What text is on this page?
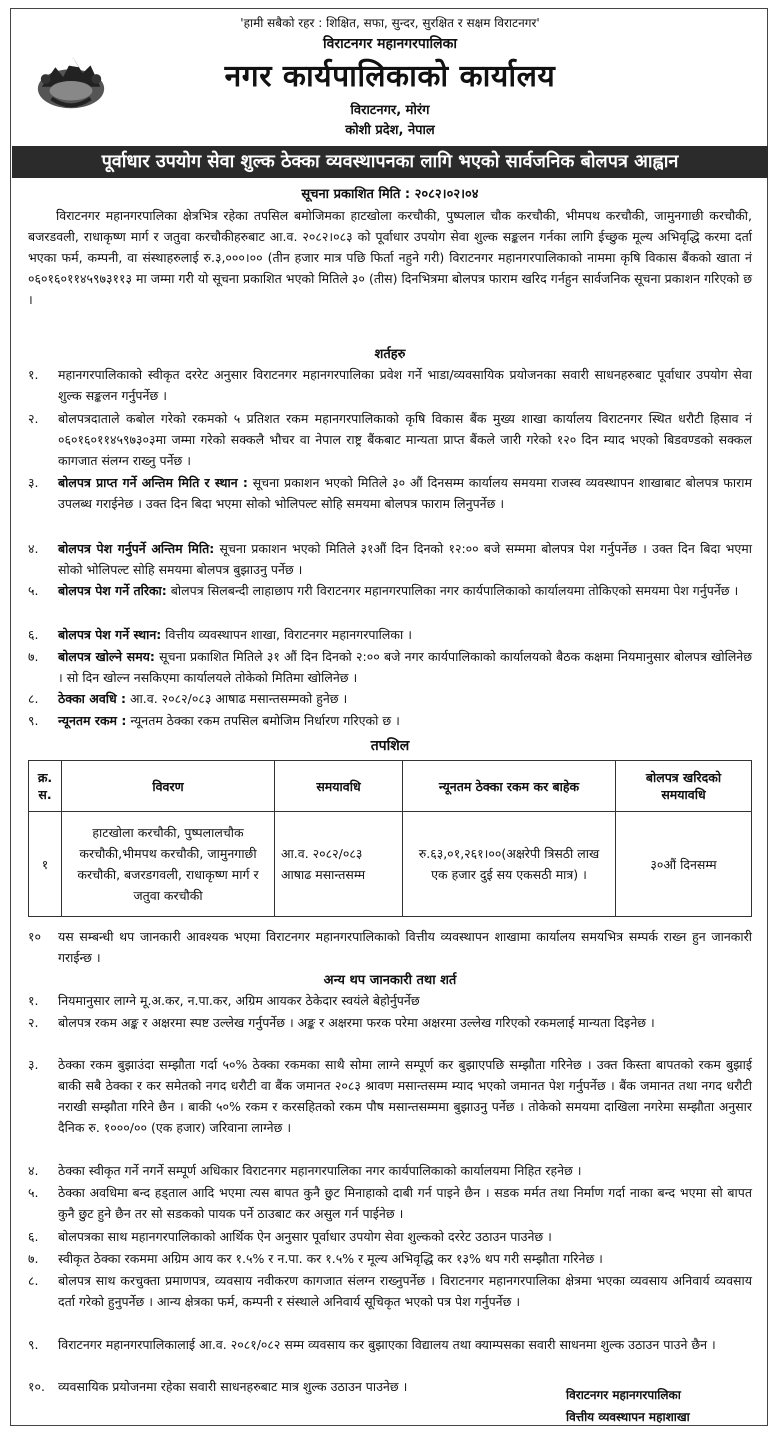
'हामी सबैको रहर : शिक्षित, सफा, सुन्दर, सुरक्षित र सक्षम विराटनगर'
विराटनगर महानगरपालिका
नगर कार्यपालिकाको कार्यालय
विराटनगर, मोरंग
कोशी प्रदेश, नेपाल
पूर्वाधार उपयोग सेवा शुल्क ठेक्का व्यवस्थापनका लागि भएको सार्वजनिक बोलपत्र आह्वान
सूचना प्रकाशित मिति : २०८२।०२।०४
विराटनगर महानगरपालिका क्षेत्रभित्र रहेका तपसिल बमोजिमका हाटखोला करचौकी, पुष्पलाल चौक करचौकी, भीमपथ करचौकी, जामुनगाछी करचौकी, बजरडवली, राधाकृष्ण मार्ग र जतुवा करचौकीहरुबाट आ.व. २०८२।०८३ को पूर्वाधार उपयोग सेवा शुल्क सङ्कलन गर्नका लागि ईच्छुक मूल्य अभिवृद्धि करमा दर्ता भएका फर्म, कम्पनी, वा संस्थाहरुलाई रु.३,०००।०० (तीन हजार मात्र पछि फिर्ता नहुने गरी) विराटनगर महानगरपालिकाको नाममा कृषि विकास बैंकको खाता नं ०६०१६०११४५९७३११३ मा जम्मा गरी यो सूचना प्रकाशित भएको मितिले ३० (तीस) दिनभित्रमा बोलपत्र फाराम खरिद गर्नहुन सार्वजनिक सूचना प्रकाशन गरिएको छ ।
शर्तहरु
१.	महानगरपालिकाको स्वीकृत दररेट अनुसार विराटनगर महानगरपालिका प्रवेश गर्ने भाडा/व्यवसायिक प्रयोजनका सवारी साधनहरुबाट पूर्वाधार उपयोग सेवा शुल्क सङ्कलन गर्नुपर्नेछ ।
२.	बोलपत्रदाताले कबोल गरेको रकमको ५ प्रतिशत रकम महानगरपालिकाको कृषि विकास बैंक मुख्य शाखा कार्यालय विराटनगर स्थित धरौटी हिसाव नं ०६०१६०११४५९७३०३मा जम्मा गरेको सक्कलै भौचर वा नेपाल राष्ट्र बैंकबाट मान्यता प्राप्त बैंकले जारी गरेको १२० दिन म्याद भएको बिडवण्डको सक्कल कागजात संलग्न राख्नु पर्नेछ ।
३.	बोलपत्र प्राप्त गर्ने अन्तिम मिति र स्थान : सूचना प्रकाशन भएको मितिले ३० औं दिनसम्म कार्यालय समयमा राजस्व व्यवस्थापन शाखाबाट बोलपत्र फाराम उपलब्ध गराईनेछ । उक्त दिन बिदा भएमा सोको भोलिपल्ट सोहि समयमा बोलपत्र फाराम लिनुपर्नेछ ।
४.	बोलपत्र पेश गर्नुपर्ने अन्तिम मिति: सूचना प्रकाशन भएको मितिले ३१औं दिन दिनको १२:०० बजे सम्ममा बोलपत्र पेश गर्नुपर्नेछ । उक्त दिन बिदा भएमा सोको भोलिपल्ट सोहि समयमा बोलपत्र बुझाउनु पर्नेछ ।
५.	बोलपत्र पेश गर्ने तरिका: बोलपत्र सिलबन्दी लाहाछाप गरी विराटनगर महानगरपालिका नगर कार्यपालिकाको कार्यालयमा तोकिएको समयमा पेश गर्नुपर्नेछ ।
६.	बोलपत्र पेश गर्ने स्थान: वित्तीय व्यवस्थापन शाखा, विराटनगर महानगरपालिका ।
७.	बोलपत्र खोल्ने समय: सूचना प्रकाशित मितिले ३१ औं दिन दिनको २:०० बजे नगर कार्यपालिकाको कार्यालयको बैठक कक्षमा नियमानुसार बोलपत्र खोलिनेछ । सो दिन खोल्न नसकिएमा कार्यालयले तोकेको मितिमा खोलिनेछ ।
८.	ठेक्का अवधि : आ.व. २०८२/०८३ आषाढ मसान्तसम्मको हुनेछ ।
९.	न्यूनतम रकम : न्यूनतम ठेक्का रकम तपसिल बमोजिम निर्धारण गरिएको छ ।
तपशिल
क्र. स.	विवरण	समयावधि	न्यूनतम ठेक्का रकम कर बाहेक	बोलपत्र खरिदको समयावधि
१	हाटखोला करचौकी, पुष्पलालचौक करचौकी,भीमपथ करचौकी, जामुनगाछी करचौकी, बजरडगवली, राधाकृष्ण मार्ग र जतुवा करचौकी	आ.व. २०८२/०८३ आषाढ मसान्तसम्म	रु.६३,०१,२६१।००(अक्षरेपी त्रिसठी लाख एक हजार दुई सय एकसठी मात्र) ।	३०औं दिनसम्म
१०	यस सम्बन्धी थप जानकारी आवश्यक भएमा विराटनगर महानगरपालिकाको वित्तीय व्यवस्थापन शाखामा कार्यालय समयभित्र सम्पर्क राख्न हुन जानकारी गराईन्छ ।
अन्य थप जानकारी तथा शर्त
१.	नियमानुसार लाग्ने मू.अ.कर, न.पा.कर, अग्रिम आयकर ठेकेदार स्वयंले बेहोर्नुपर्नेछ
२.	बोलपत्र रकम अङ्क र अक्षरमा स्पष्ट उल्लेख गर्नुपर्नेछ । अङ्क र अक्षरमा फरक परेमा अक्षरमा उल्लेख गरिएको रकमलाई मान्यता दिइनेछ ।
३.	ठेक्का रकम बुझाउंदा सम्झौता गर्दा ५०% ठेक्का रकमका साथै सोमा लाग्ने सम्पूर्ण कर बुझाएपछि सम्झौता गरिनेछ । उक्त किस्ता बापतको रकम बुझाई बाकी सबै ठेक्का र कर समेतको नगद धरौटी वा बैंक जमानत २०८३ श्रावण मसान्तसम्म म्याद भएको जमानत पेश गर्नुपर्नेछ । बैंक जमानत तथा नगद धरौटी नराखी सम्झौता गरिने छैन । बाकी ५०% रकम र करसहितको रकम पौष मसान्तसम्ममा बुझाउनु पर्नेछ । तोकेको समयमा दाखिला नगरेमा सम्झौता अनुसार दैनिक रु. १०००/०० (एक हजार) जरिवाना लाग्नेछ ।
४.	ठेक्का स्वीकृत गर्ने नगर्ने सम्पूर्ण अधिकार विराटनगर महानगरपालिका नगर कार्यपालिकाको कार्यालयमा निहित रहनेछ ।
५.	ठेक्का अवधिमा बन्द हड्ताल आदि भएमा त्यस बापत कुनै छुट मिनाहाको दाबी गर्न पाइने छैन । सडक मर्मत तथा निर्माण गर्दा नाका बन्द भएमा सो बापत कुनै छुट हुने छैन तर सो सडकको पायक पर्ने ठाउबाट कर असुल गर्न पाईनेछ ।
६.	बोलपत्रका साथ महानगरपालिकाको आर्थिक ऐन अनुसार पूर्वाधार उपयोग सेवा शुल्कको दररेट उठाउन पाउनेछ ।
७.	स्वीकृत ठेक्का रकममा अग्रिम आय कर १.५% र न.पा. कर १.५% र मूल्य अभिवृद्धि कर १३% थप गरी सम्झौता गरिनेछ ।
८.	बोलपत्र साथ करचुक्ता प्रमाणपत्र, व्यवसाय नवीकरण कागजात संलग्न राख्नुपर्नेछ । विराटनगर महानगरपालिका क्षेत्रमा भएका व्यवसाय अनिवार्य व्यवसाय दर्ता गरेको हुनुपर्नेछ । आन्य क्षेत्रका फर्म, कम्पनी र संस्थाले अनिवार्य सूचिकृत भएको पत्र पेश गर्नुपर्नेछ ।
९.	विराटनगर महानगरपालिकालाई आ.व. २०८१/०८२ सम्म व्यवसाय कर बुझाएका विद्यालय तथा क्याम्पसका सवारी साधनमा शुल्क उठाउन पाउने छैन ।
१०.	व्यवसायिक प्रयोजनमा रहेका सवारी साधनहरुबाट मात्र शुल्क उठाउन पाउनेछ ।
विराटनगर महानगरपालिका
वित्तीय व्यवस्थापन महाशाखा
